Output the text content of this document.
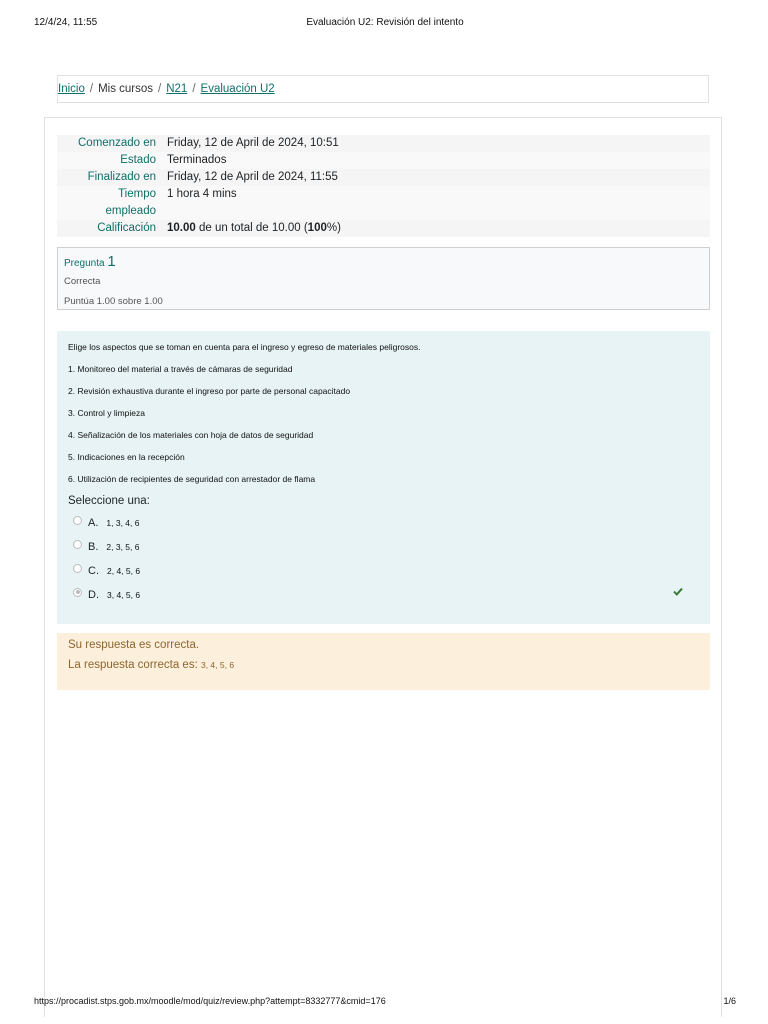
12/4/24, 11:55	Evaluación U2: Revisión del intento
Inicio / Mis cursos / N21 / Evaluación U2
Comenzado en Friday, 12 de April de 2024, 10:51
Estado Terminados
Finalizado en Friday, 12 de April de 2024, 11:55
Tiempo
empleado
1 hora 4 mins
Calificación 10.00 de un total de 10.00 (100%)
Pregunta 1
Correcta
Puntúa 1.00 sobre 1.00
Elige los aspectos que se toman en cuenta para el ingreso y egreso de materiales peligrosos.
1. Monitoreo del material a través de cámaras de seguridad
2. Revisión exhaustiva durante el ingreso por parte de personal capacitado
3. Control y limpieza
4. Señalización de los materiales con hoja de datos de seguridad
5. Indicaciones en la recepción
6. Utilización de recipientes de seguridad con arrestador de flama
Seleccione una:
A. 1, 3, 4, 6
B. 2, 3, 5, 6
C. 2, 4, 5, 6
D. 3, 4, 5, 6
Su respuesta es correcta.
La respuesta correcta es: 3, 4, 5, 6
https://procadist.stps.gob.mx/moodle/mod/quiz/review.php?attempt=8332777&cmid=176	1/6
